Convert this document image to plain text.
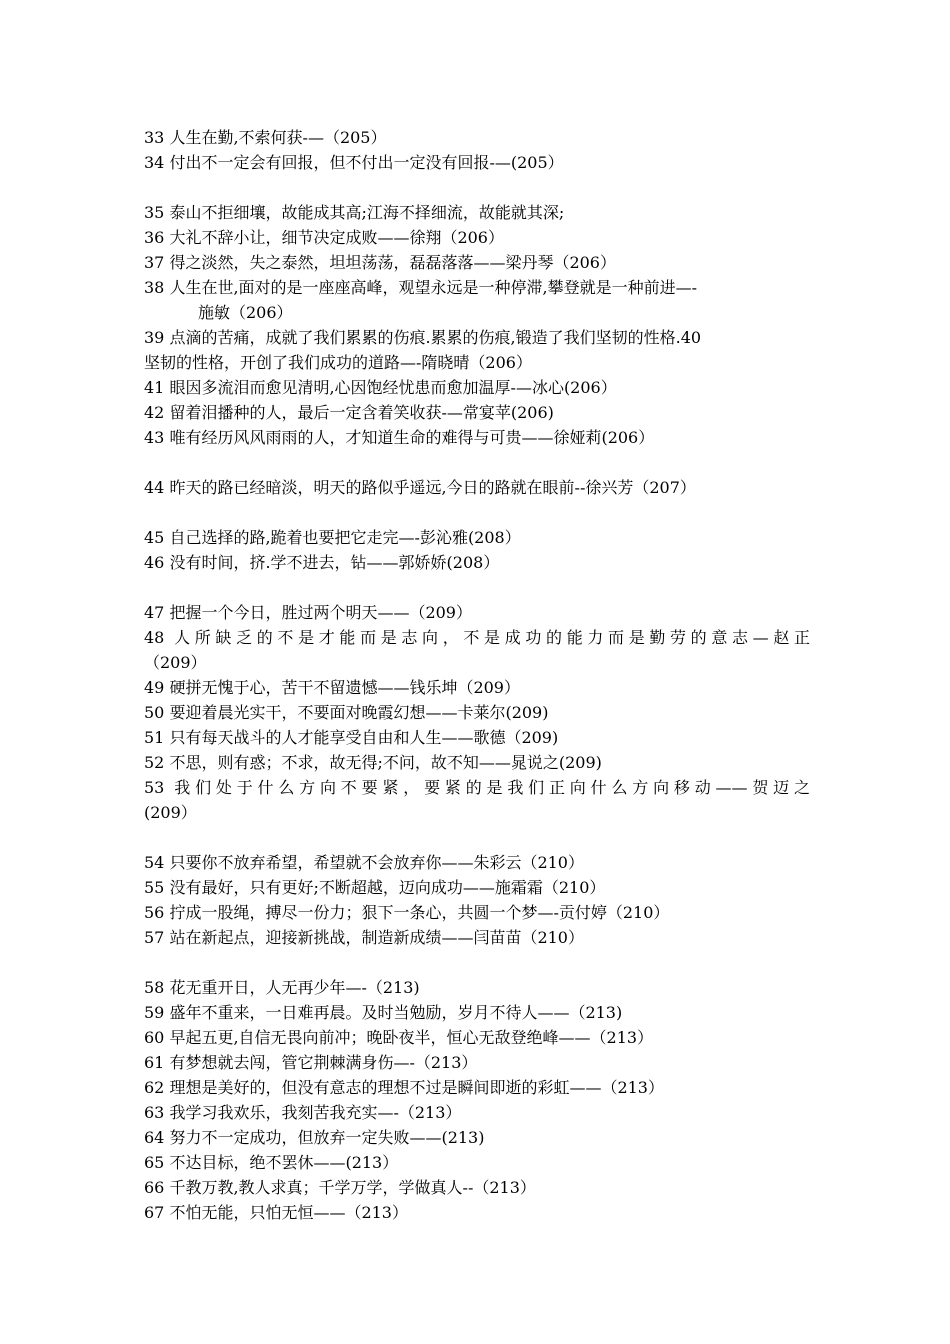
33 人生在勤,不索何获-—（205）
34 付出不一定会有回报，但不付出一定没有回报-—(205）
35 泰山不拒细壤，故能成其高;江海不择细流，故能就其深;
36 大礼不辞小让，细节决定成败——徐翔（206）
37 得之淡然，失之泰然，坦坦荡荡，磊磊落落——梁丹琴（206）
38 人生在世,面对的是一座座高峰，观望永远是一种停滞,攀登就是一种前进—-
施敏（206）
39 点滴的苦痛，成就了我们累累的伤痕.累累的伤痕,锻造了我们坚韧的性格.40
坚韧的性格，开创了我们成功的道路—-隋晓晴（206）
41 眼因多流泪而愈见清明,心因饱经忧患而愈加温厚-—冰心(206）
42 留着泪播种的人，最后一定含着笑收获-—常宴苹(206)
43 唯有经历风风雨雨的人，才知道生命的难得与可贵——徐娅莉(206）
44 昨天的路已经暗淡，明天的路似乎遥远,今日的路就在眼前--徐兴芳（207）
45 自己选择的路,跪着也要把它走完—-彭沁雅(208）
46 没有时间，挤.学不进去，钻——郭娇娇(208）
47 把握一个今日，胜过两个明天——（209）
48 人所缺乏的不是才能而是志向，不是成功的能力而是勤劳的意志—赵正
（209）
49 硬拼无愧于心，苦干不留遗憾——钱乐坤（209）
50 要迎着晨光实干，不要面对晚霞幻想——卡莱尔(209)
51 只有每天战斗的人才能享受自由和人生——歌德（209)
52 不思，则有惑；不求，故无得;不问，故不知——晁说之(209)
53 我们处于什么方向不要紧，要紧的是我们正向什么方向移动——贺迈之
(209）
54 只要你不放弃希望，希望就不会放弃你——朱彩云（210）
55 没有最好，只有更好;不断超越，迈向成功——施霜霜（210）
56 拧成一股绳，搏尽一份力；狠下一条心，共圆一个梦—-贡付婷（210）
57 站在新起点，迎接新挑战，制造新成绩——闫苗苗（210）
58 花无重开日，人无再少年—-（213)
59 盛年不重来，一日难再晨。及时当勉励，岁月不待人——（213)
60 早起五更,自信无畏向前冲；晚卧夜半，恒心无敌登绝峰——（213）
61 有梦想就去闯，管它荆棘满身伤—-（213）
62 理想是美好的，但没有意志的理想不过是瞬间即逝的彩虹——（213）
63 我学习我欢乐，我刻苦我充实—-（213）
64 努力不一定成功，但放弃一定失败——(213)
65 不达目标，绝不罢休——(213）
66 千教万教,教人求真；千学万学，学做真人--（213）
67 不怕无能，只怕无恒——（213）
